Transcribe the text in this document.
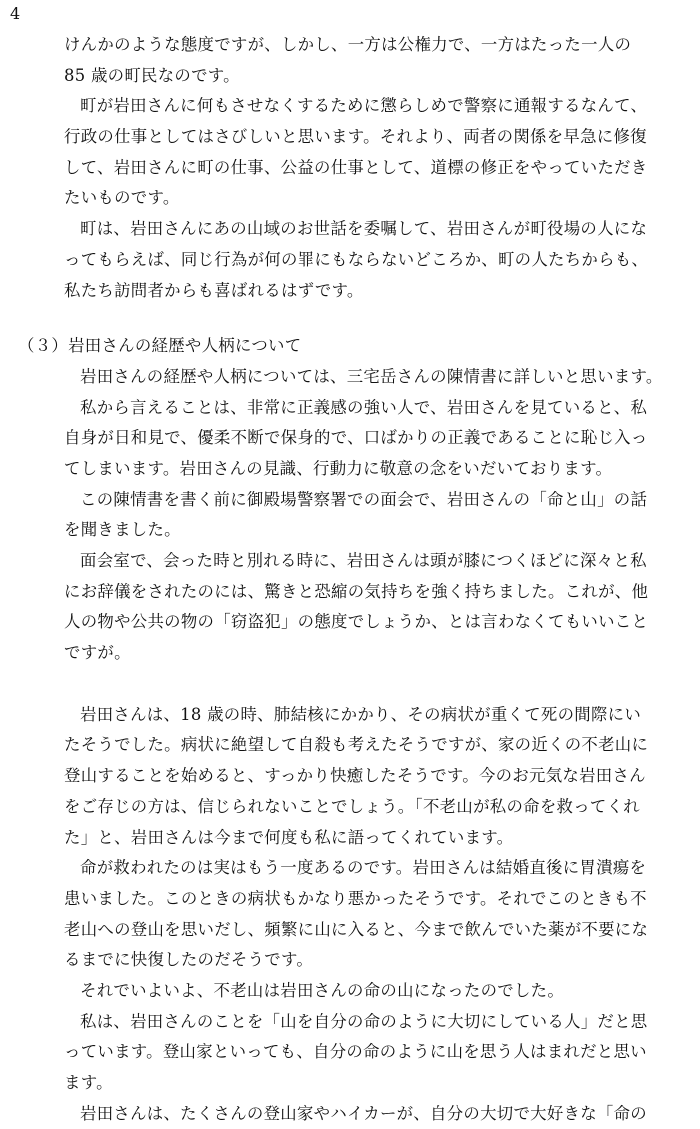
4
けんかのような態度ですが、しかし、一方は公権力で、一方はたった一人の
85 歳の町民なのです。
町が岩田さんに何もさせなくするために懲らしめで警察に通報するなんて、
行政の仕事としてはさびしいと思います。それより、両者の関係を早急に修復
して、岩田さんに町の仕事、公益の仕事として、道標の修正をやっていただき
たいものです。
町は、岩田さんにあの山域のお世話を委嘱して、岩田さんが町役場の人にな
ってもらえば、同じ行為が何の罪にもならないどころか、町の人たちからも、
私たち訪問者からも喜ばれるはずです。
（３）岩田さんの経歴や人柄について
岩田さんの経歴や人柄については、三宅岳さんの陳情書に詳しいと思います。
私から言えることは、非常に正義感の強い人で、岩田さんを見ていると、私
自身が日和見で、優柔不断で保身的で、口ばかりの正義であることに恥じ入っ
てしまいます。岩田さんの見識、行動力に敬意の念をいだいております。
この陳情書を書く前に御殿場警察署での面会で、岩田さんの「命と山」の話
を聞きました。
面会室で、会った時と別れる時に、岩田さんは頭が膝につくほどに深々と私
にお辞儀をされたのには、驚きと恐縮の気持ちを強く持ちました。これが、他
人の物や公共の物の「窃盗犯」の態度でしょうか、とは言わなくてもいいこと
ですが。
岩田さんは、18 歳の時、肺結核にかかり、その病状が重くて死の間際にい
たそうでした。病状に絶望して自殺も考えたそうですが、家の近くの不老山に
登山することを始めると、すっかり快癒したそうです。今のお元気な岩田さん
をご存じの方は、信じられないことでしょう。「不老山が私の命を救ってくれ
た」と、岩田さんは今まで何度も私に語ってくれています。
命が救われたのは実はもう一度あるのです。岩田さんは結婚直後に胃潰瘍を
患いました。このときの病状もかなり悪かったそうです。それでこのときも不
老山への登山を思いだし、頻繁に山に入ると、今まで飲んでいた薬が不要にな
るまでに快復したのだそうです。
それでいよいよ、不老山は岩田さんの命の山になったのでした。
私は、岩田さんのことを「山を自分の命のように大切にしている人」だと思
っています。登山家といっても、自分の命のように山を思う人はまれだと思い
ます。
岩田さんは、たくさんの登山家やハイカーが、自分の大切で大好きな「命の
